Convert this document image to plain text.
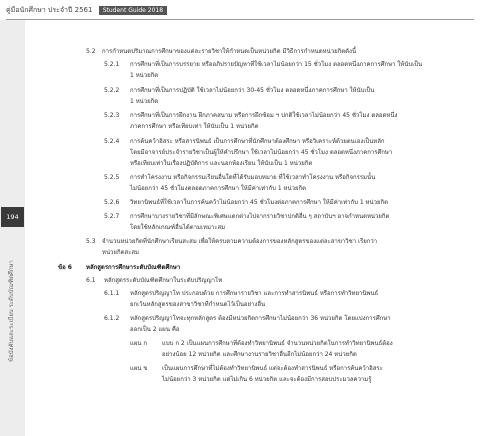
คู่มือนักศึกษา ประจำปี 2561 Student Guide 2018
194
ข้อบังคับและระเบียบ ระดับบัณฑิตศึกษา
5.2 การกำหนดปริมาณการศึกษาของแต่ละรายวิชาให้กำหนดเป็นหน่วยกิต มีวิธีการกำหนดหน่วยกิตดังนี้
5.2.1 การศึกษาที่เป็นการบรรยาย หรืออภิปรายปัญหาที่ใช้เวลาไม่น้อยกว่า 15 ชั่วโมง ตลอดหนึ่งภาคการศึกษา ให้นับเป็น
1 หน่วยกิต
5.2.2 การศึกษาที่เป็นการปฏิบัติ ใช้เวลาไม่น้อยกว่า 30-45 ชั่วโมง ตลอดหนึ่งภาคการศึกษา ให้นับเป็น
1 หน่วยกิต
5.2.3 การศึกษาที่เป็นการฝึกงาน ฝึกภาคสนาม หรือการฝึกซ้อม ฯ ปกติใช้เวลาไม่น้อยกว่า 45 ชั่วโมง ตลอดหนึ่ง
ภาคการศึกษา หรือเทียบเท่า ให้นับเป็น 1 หน่วยกิต
5.2.4 การค้นคว้าอิสระ หรือสารนิพนธ์ เป็นการศึกษาที่นักศึกษาต้องศึกษา หรือวิเคราะห์ด้วยตนเองเป็นหลัก
โดยมีอาจารย์ประจำรายวิชาเป็นผู้ให้คำปรึกษา ใช้เวลาไม่น้อยกว่า 45 ชั่วโมง ตลอดหนึ่งภาคการศึกษา
หรือเทียบเท่าในเรื่องปฏิบัติการ และนอกห้องเรียน ให้นับเป็น 1 หน่วยกิต
5.2.5 การทำโครงงาน หรือกิจกรรมเรียนอื่นใดที่ได้รับมอบหมาย ที่ใช้เวลาทำโครงงาน หรือกิจกรรมนั้น
ไม่น้อยกว่า 45 ชั่วโมงตลอดภาคการศึกษา ให้มีค่าเท่ากับ 1 หน่วยกิต
5.2.6 วิทยานิพนธ์ที่ใช้เวลาในการค้นคว้าไม่น้อยกว่า 45 ชั่วโมงต่อภาคการศึกษา ให้มีค่าเท่ากับ 1 หน่วยกิต
5.2.7 การศึกษาบางรายวิชาที่มีลักษณะพิเศษแตกต่างไปจากรายวิชาปกติอื่น ๆ สถาบันฯ อาจกำหนดหน่วยกิต
โดยใช้หลักเกณฑ์อื่นได้ตามเหมาะสม
5.3 จำนวนหน่วยกิตที่นักศึกษาเรียนสะสม เพื่อให้ครบตามความต้องการของหลักสูตรของแต่ละสาขาวิชา เรียกว่า
หน่วยกิตสะสม
ข้อ 6 หลักสูตรการศึกษาระดับบัณฑิตศึกษา
6.1 หลักสูตรระดับบัณฑิตศึกษาในระดับปริญญาโท
6.1.1 หลักสูตรปริญญาโท ประกอบด้วย การศึกษารายวิชา และการทำสารนิพนธ์ หรือการทำวิทยานิพนธ์
ยกเว้นหลักสูตรของสาขาวิชาที่กำหนดไว้เป็นอย่างอื่น
6.1.2 หลักสูตรปริญญาโทจะทุกหลักสูตร ต้องมีหน่วยกิตการศึกษาไม่น้อยกว่า 36 หน่วยกิต โดยแบ่งการศึกษา
ออกเป็น 2 แผน คือ
แผน ก แบบ ก 2 เป็นแผนการศึกษาที่ต้องทำวิทยานิพนธ์ จำนวนหน่วยกิตในการทำวิทยานิพนธ์ต้อง
อย่างน้อย 12 หน่วยกิต และศึกษางานรายวิชาอื่นอีกไม่น้อยกว่า 24 หน่วยกิต
แผน ข เป็นแผนการศึกษาที่ไม่ต้องทำวิทยานิพนธ์ แต่จะต้องทำสารนิพนธ์ หรือการค้นคว้าอิสระ
ไม่น้อยกว่า 3 หน่วยกิต แต่ไม่เกิน 6 หน่วยกิต และจะต้องมีการสอบประมวลความรู้
